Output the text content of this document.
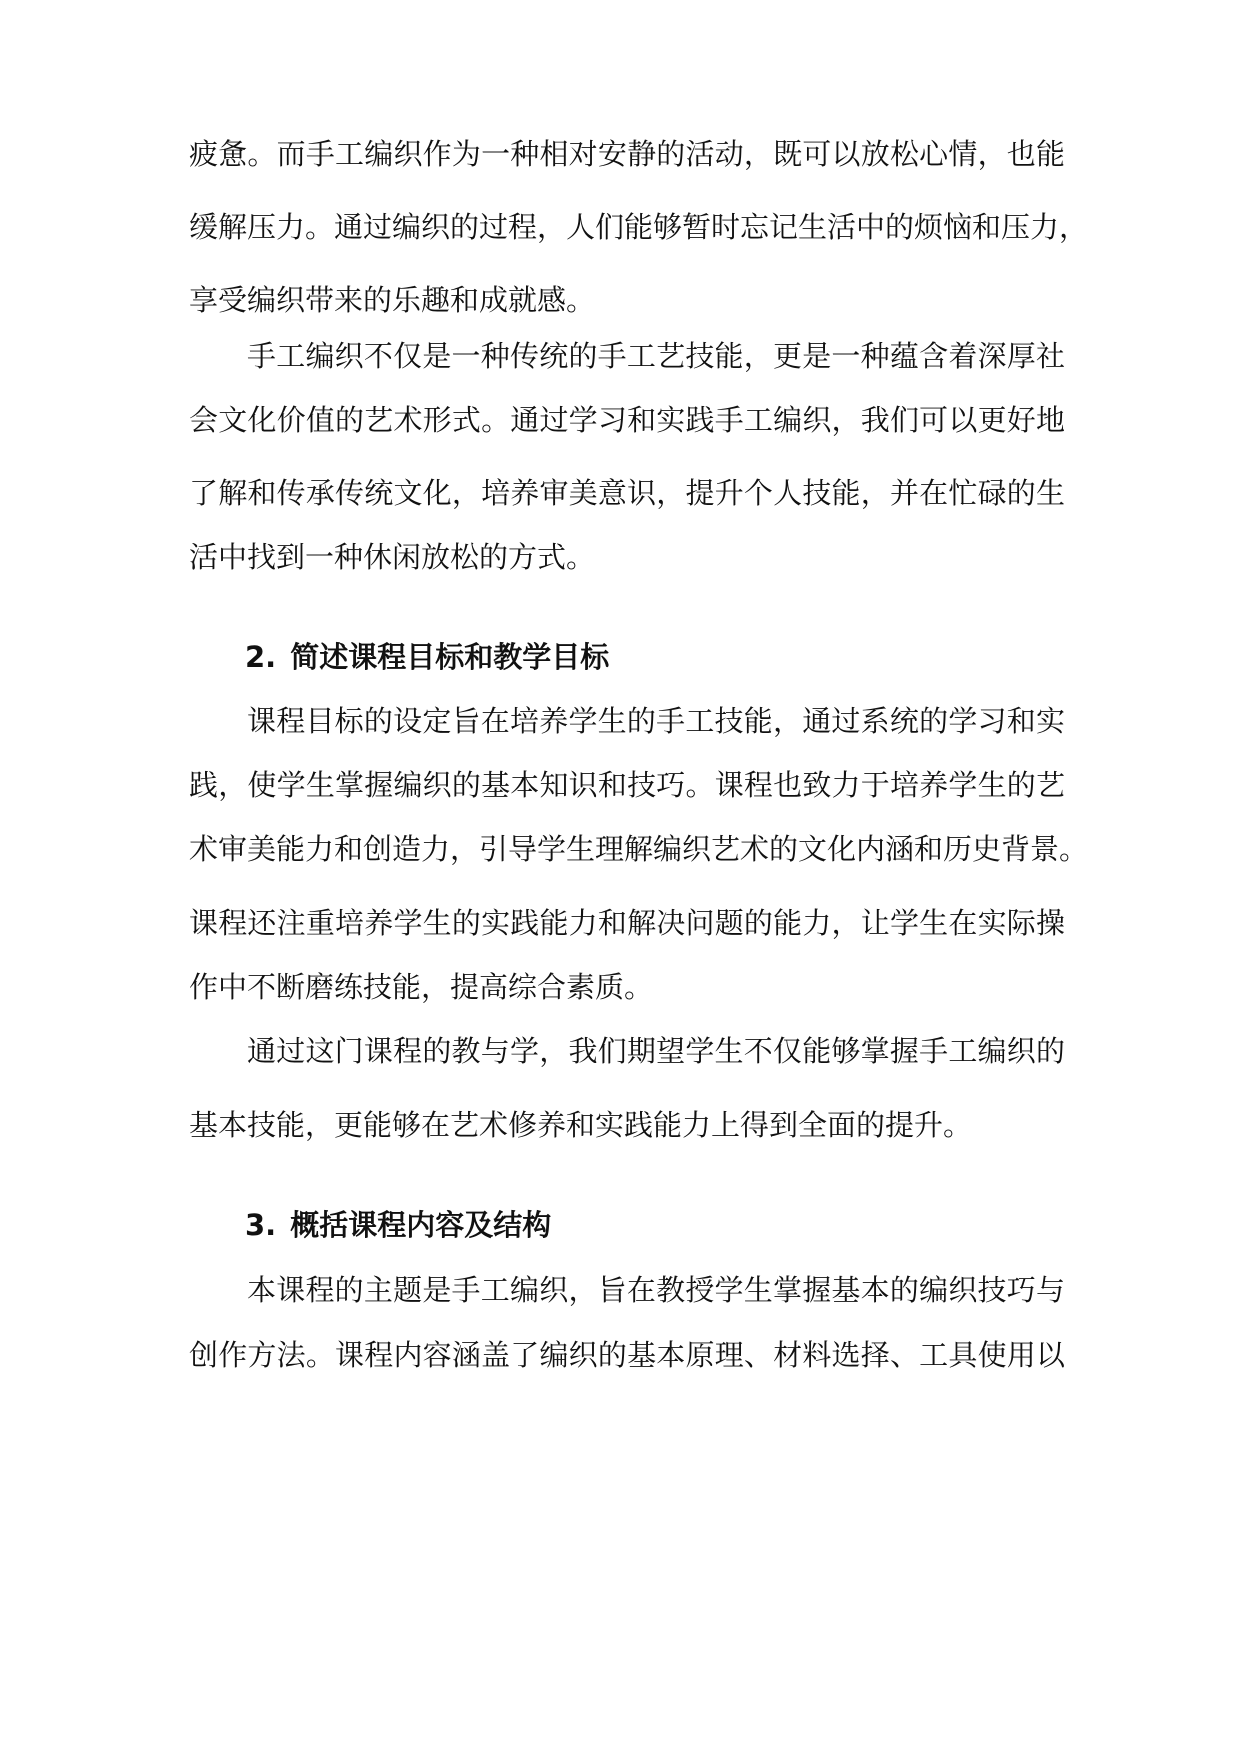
疲惫。而手工编织作为一种相对安静的活动，既可以放松心情，也能

缓解压力。通过编织的过程，人们能够暂时忘记生活中的烦恼和压力，

享受编织带来的乐趣和成就感。

手工编织不仅是一种传统的手工艺技能，更是一种蕴含着深厚社

会文化价值的艺术形式。通过学习和实践手工编织，我们可以更好地

了解和传承传统文化，培养审美意识，提升个人技能，并在忙碌的生

活中找到一种休闲放松的方式。

2. 简述课程目标和教学目标

课程目标的设定旨在培养学生的手工技能，通过系统的学习和实

践，使学生掌握编织的基本知识和技巧。课程也致力于培养学生的艺

术审美能力和创造力，引导学生理解编织艺术的文化内涵和历史背景。

课程还注重培养学生的实践能力和解决问题的能力，让学生在实际操

作中不断磨练技能，提高综合素质。

通过这门课程的教与学，我们期望学生不仅能够掌握手工编织的

基本技能，更能够在艺术修养和实践能力上得到全面的提升。

3. 概括课程内容及结构

本课程的主题是手工编织，旨在教授学生掌握基本的编织技巧与

创作方法。课程内容涵盖了编织的基本原理、材料选择、工具使用以
